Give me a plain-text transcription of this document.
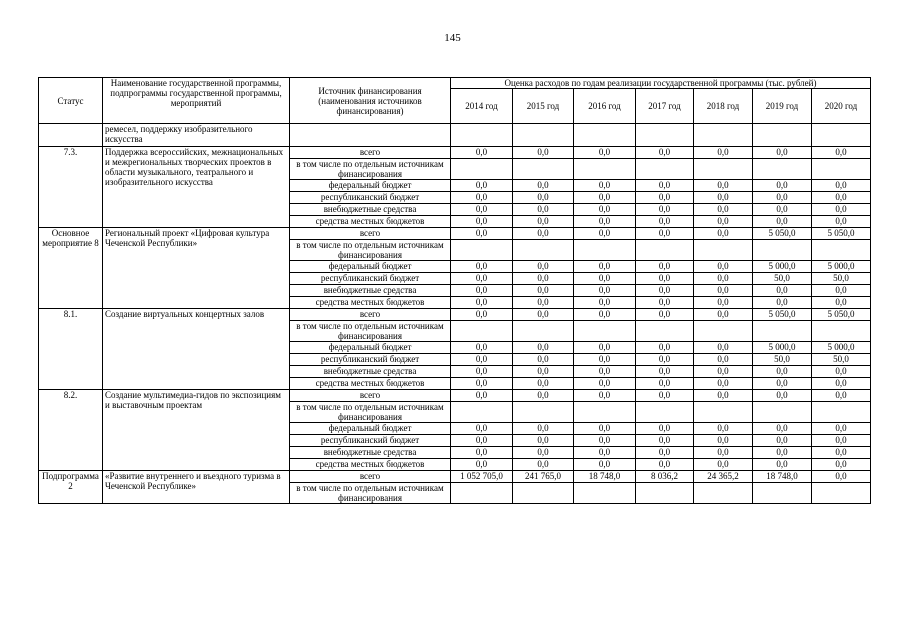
145
Статус	Наименование государственной программы, подпрограммы государственной программы, мероприятий	Источник финансирования (наименования источников финансирования)	Оценка расходов по годам реализации государственной программы (тыс. рублей)						
			2014 год	2015 год	2016 год	2017 год	2018 год	2019 год	2020 год
	ремесел, поддержку изобразительного искусства								
7.3.	Поддержка всероссийских, межнациональных и межрегиональных творческих проектов в области музыкального, театрального и изобразительного искусства	всего	0,0	0,0	0,0	0,0	0,0	0,0	0,0
		в том числе по отдельным источникам финансирования							
		федеральный бюджет	0,0	0,0	0,0	0,0	0,0	0,0	0,0
		республиканский бюджет	0,0	0,0	0,0	0,0	0,0	0,0	0,0
		внебюджетные средства	0,0	0,0	0,0	0,0	0,0	0,0	0,0
		средства местных бюджетов	0,0	0,0	0,0	0,0	0,0	0,0	0,0
Основное мероприятие 8	Региональный проект «Цифровая культура Чеченской Республики»	всего	0,0	0,0	0,0	0,0	0,0	5 050,0	5 050,0
		в том числе по отдельным источникам финансирования							
		федеральный бюджет	0,0	0,0	0,0	0,0	0,0	5 000,0	5 000,0
		республиканский бюджет	0,0	0,0	0,0	0,0	0,0	50,0	50,0
		внебюджетные средства	0,0	0,0	0,0	0,0	0,0	0,0	0,0
		средства местных бюджетов	0,0	0,0	0,0	0,0	0,0	0,0	0,0
8.1.	Создание виртуальных концертных залов	всего	0,0	0,0	0,0	0,0	0,0	5 050,0	5 050,0
		в том числе по отдельным источникам финансирования							
		федеральный бюджет	0,0	0,0	0,0	0,0	0,0	5 000,0	5 000,0
		республиканский бюджет	0,0	0,0	0,0	0,0	0,0	50,0	50,0
		внебюджетные средства	0,0	0,0	0,0	0,0	0,0	0,0	0,0
		средства местных бюджетов	0,0	0,0	0,0	0,0	0,0	0,0	0,0
8.2.	Создание мультимедиа-гидов по экспозициям и выставочным проектам	всего	0,0	0,0	0,0	0,0	0,0	0,0	0,0
		в том числе по отдельным источникам финансирования							
		федеральный бюджет	0,0	0,0	0,0	0,0	0,0	0,0	0,0
		республиканский бюджет	0,0	0,0	0,0	0,0	0,0	0,0	0,0
		внебюджетные средства	0,0	0,0	0,0	0,0	0,0	0,0	0,0
		средства местных бюджетов	0,0	0,0	0,0	0,0	0,0	0,0	0,0
Подпрограмма 2	«Развитие внутреннего и въездного туризма в Чеченской Республике»	всего	1 052 705,0	241 765,0	18 748,0	8 036,2	24 365,2	18 748,0	0,0
		в том числе по отдельным источникам финансирования							
